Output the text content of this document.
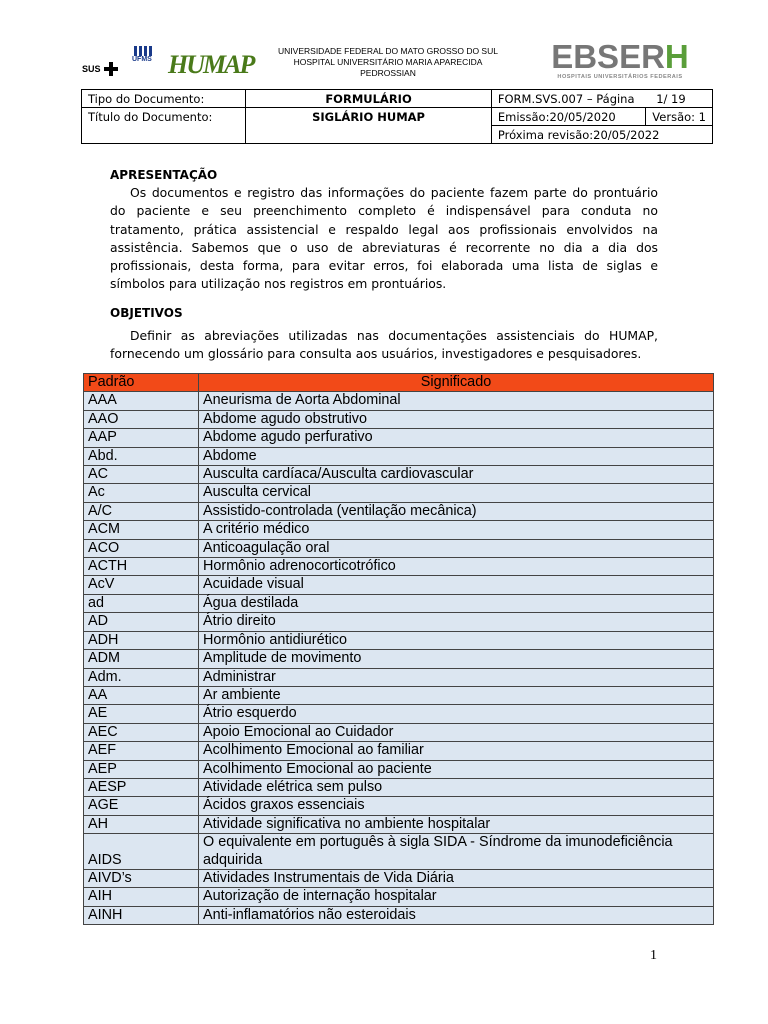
SUS
UFMS HUMAP	UNIVERSIDADE FEDERAL DO MATO GROSSO DO SUL
HOSPITAL UNIVERSITÁRIO MARIA APARECIDA
PEDROSSIAN	EBSERH
HOSPITAIS UNIVERSITÁRIOS FEDERAIS
Tipo do Documento:	FORMULÁRIO	FORM.SVS.007 – Página 1/ 19	
Título do Documento:	SIGLÁRIO HUMAP	Emissão:20/05/2020	Versão: 1
		Próxima revisão:20/05/2022	
APRESENTAÇÃO
Os documentos e registro das informações do paciente fazem parte do prontuário do paciente e seu preenchimento completo é indispensável para conduta no tratamento, prática assistencial e respaldo legal aos profissionais envolvidos na assistência. Sabemos que o uso de abreviaturas é recorrente no dia a dia dos profissionais, desta forma, para evitar erros, foi elaborada uma lista de siglas e símbolos para utilização nos registros em prontuários.
OBJETIVOS
Definir as abreviações utilizadas nas documentações assistenciais do HUMAP, fornecendo um glossário para consulta aos usuários, investigadores e pesquisadores.
Padrão	Significado
AAA	Aneurisma de Aorta Abdominal
AAO	Abdome agudo obstrutivo
AAP	Abdome agudo perfurativo
Abd.	Abdome
AC	Ausculta cardíaca/Ausculta cardiovascular
Ac	Ausculta cervical
A/C	Assistido-controlada (ventilação mecânica)
ACM	A critério médico
ACO	Anticoagulação oral
ACTH	Hormônio adrenocorticotrófico
AcV	Acuidade visual
ad	Água destilada
AD	Átrio direito
ADH	Hormônio antidiurético
ADM	Amplitude de movimento
Adm.	Administrar
AA	Ar ambiente
AE	Átrio esquerdo
AEC	Apoio Emocional ao Cuidador
AEF	Acolhimento Emocional ao familiar
AEP	Acolhimento Emocional ao paciente
AESP	Atividade elétrica sem pulso
AGE	Ácidos graxos essenciais
AH	Atividade significativa no ambiente hospitalar
AIDS	O equivalente em português à sigla SIDA - Síndrome da imunodeficiência adquirida
AIVD’s	Atividades Instrumentais de Vida Diária
AIH	Autorização de internação hospitalar
AINH	Anti-inflamatórios não esteroidais
1
